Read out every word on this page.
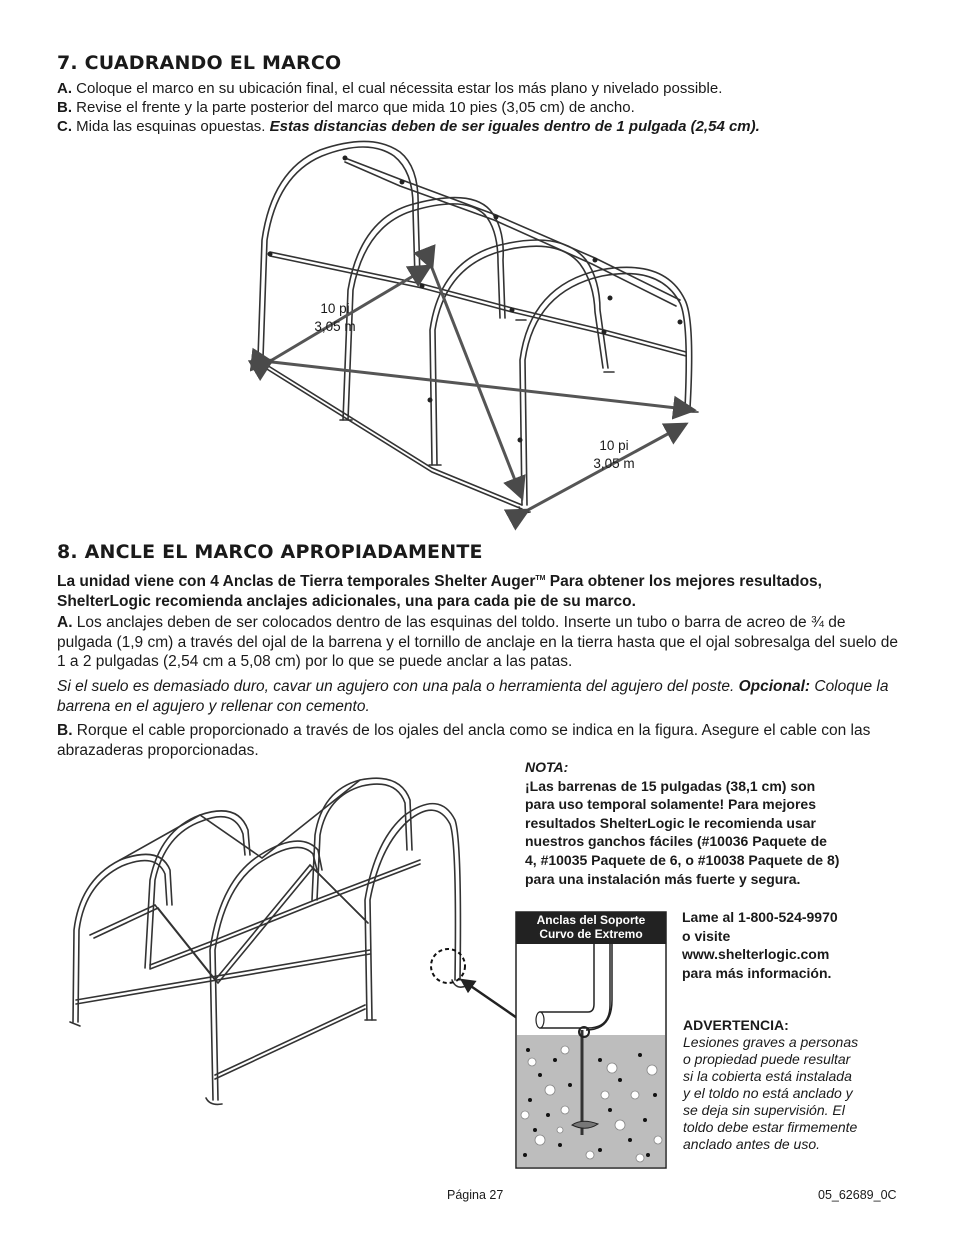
7. CUADRANDO EL MARCO
A. Coloque el marco en su ubicación final, el cual nécessita estar los más plano y nivelado possible.
B. Revise el frente y la parte posterior del marco que mida 10 pies (3,05 cm) de ancho.
C. Mida las esquinas opuestas. Estas distancias deben de ser iguales dentro de 1 pulgada (2,54 cm).
10 pi
3,05 m
10 pi
3,05 m
8. ANCLE EL MARCO APROPIADAMENTE
La unidad viene con 4 Anclas de Tierra temporales Shelter Auger™ Para obtener los mejores resultados, ShelterLogic recomienda anclajes adicionales, una para cada pie de su marco.
A. Los anclajes deben de ser colocados dentro de las esquinas del toldo. Inserte un tubo o barra de acreo de ¾ de pulgada (1,9 cm) a través del ojal de la barrena y el tornillo de anclaje en la tierra hasta que el ojal sobresalga del suelo de 1 a 2 pulgadas (2,54 cm a 5,08 cm) por lo que se puede anclar a las patas.
Si el suelo es demasiado duro, cavar un agujero con una pala o herramienta del agujero del poste. Opcional: Coloque la barrena en el agujero y rellenar con cemento.
B. Rorque el cable proporcionado a través de los ojales del ancla como se indica en la figura. Asegure el cable con las abrazaderas proporcionadas.
NOTA:
¡Las barrenas de 15 pulgadas (38,1 cm) son
para uso temporal solamente! Para mejores
resultados ShelterLogic le recomienda usar
nuestros ganchos fáciles (#10036 Paquete de
4, #10035 Paquete de 6, o #10038 Paquete de 8)
para una instalación más fuerte y segura.
Lame al 1-800-524-9970
o visite
www.shelterlogic.com
para más información.
Anclas del Soporte
Curvo de Extremo
ADVERTENCIA:
Lesiones graves a personas
o propiedad puede resultar
si la cobierta está instalada
y el toldo no está anclado y
se deja sin supervisión. El
toldo debe estar firmemente
anclado antes de uso.
Página 27	05_62689_0C
